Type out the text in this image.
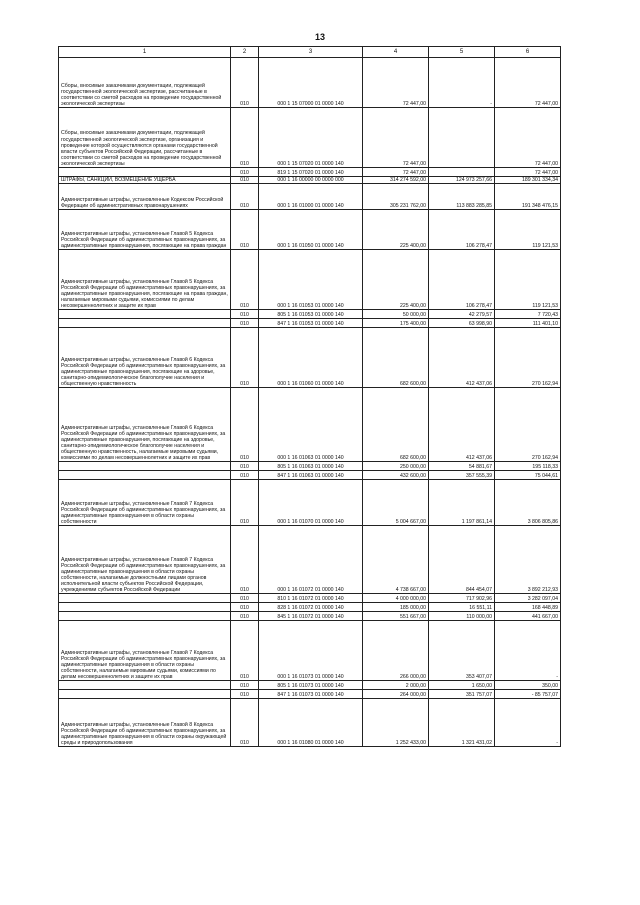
13
1	2	3	4	5	6
Сборы, вносимые заказчиками документации, подлежащей государственной экологической экспертизе, рассчитанные в соответствии со сметой расходов на проведение государственной экологической экспертизы	010	000 1 15 07000 01 0000 140	72 447,00	-	72 447,00
Сборы, вносимые заказчиками документации, подлежащей государственной экологической экспертизе, организация и проведение которой осуществляются органами государственной власти субъектов Российской Федерации, рассчитанные в соответствии со сметой расходов на проведение государственной экологической экспертизы	010	000 1 15 07020 01 0000 140	72 447,00		72 447,00
	010	819 1 15 07020 01 0000 140	72 447,00		72 447,00
ШТРАФЫ, САНКЦИИ, ВОЗМЕЩЕНИЕ УЩЕРБА	010	000 1 16 00000 00 0000 000	314 274 592,00	124 973 257,66	189 301 334,34
Административные штрафы, установленные Кодексом Российской Федерации об административных правонарушениях	010	000 1 16 01000 01 0000 140	305 231 762,00	113 883 285,85	191 348 476,15
Административные штрафы, установленные Главой 5 Кодекса Российской Федерации об административных правонарушениях, за административные правонарушения, посягающие на права граждан	010	000 1 16 01050 01 0000 140	225 400,00	106 278,47	119 121,53
Административные штрафы, установленные Главой 5 Кодекса Российской Федерации об административных правонарушениях, за административные правонарушения, посягающие на права граждан, налагаемые мировыми судьями, комиссиями по делам несовершеннолетних и защите их прав	010	000 1 16 01053 01 0000 140	225 400,00	106 278,47	119 121,53
	010	805 1 16 01053 01 0000 140	50 000,00	42 279,57	7 720,43
	010	847 1 16 01053 01 0000 140	175 400,00	63 998,90	111 401,10
Административные штрафы, установленные Главой 6 Кодекса Российской Федерации об административных правонарушениях, за административные правонарушения, посягающие на здоровье, санитарно-эпидемиологическое благополучие населения и общественную нравственность	010	000 1 16 01060 01 0000 140	682 600,00	412 437,06	270 162,94
Административные штрафы, установленные Главой 6 Кодекса Российской Федерации об административных правонарушениях, за административные правонарушения, посягающие на здоровье, санитарно-эпидемиологическое благополучие населения и общественную нравственность, налагаемые мировыми судьями, комиссиями по делам несовершеннолетних и защите их прав	010	000 1 16 01063 01 0000 140	682 600,00	412 437,06	270 162,94
	010	805 1 16 01063 01 0000 140	250 000,00	54 881,67	195 118,33
	010	847 1 16 01063 01 0000 140	432 600,00	357 555,39	75 044,61
Административные штрафы, установленные Главой 7 Кодекса Российской Федерации об административных правонарушениях, за административные правонарушения в области охраны собственности	010	000 1 16 01070 01 0000 140	5 004 667,00	1 197 861,14	3 806 805,86
Административные штрафы, установленные Главой 7 Кодекса Российской Федерации об административных правонарушениях, за административные правонарушения в области охраны собственности, налагаемые должностными лицами органов исполнительной власти субъектов Российской Федерации, учреждениями субъектов Российской Федерации	010	000 1 16 01072 01 0000 140	4 738 667,00	844 454,07	3 892 212,93
	010	810 1 16 01072 01 0000 140	4 000 000,00	717 902,96	3 282 097,04
	010	828 1 16 01072 01 0000 140	185 000,00	16 551,11	168 448,89
	010	845 1 16 01072 01 0000 140	551 667,00	110 000,00	441 667,00
Административные штрафы, установленные Главой 7 Кодекса Российской Федерации об административных правонарушениях, за административные правонарушения в области охраны собственности, налагаемые мировыми судьями, комиссиями по делам несовершеннолетних и защите их прав	010	000 1 16 01073 01 0000 140	266 000,00	353 407,07	-
	010	805 1 16 01073 01 0000 140	2 000,00	1 650,00	350,00
	010	847 1 16 01073 01 0000 140	264 000,00	351 757,07	- 85 757,07
Административные штрафы, установленные Главой 8 Кодекса Российской Федерации об административных правонарушениях, за административные правонарушения в области охраны окружающей среды и природопользования	010	000 1 16 01080 01 0000 140	1 252 433,00	1 321 431,02	-
